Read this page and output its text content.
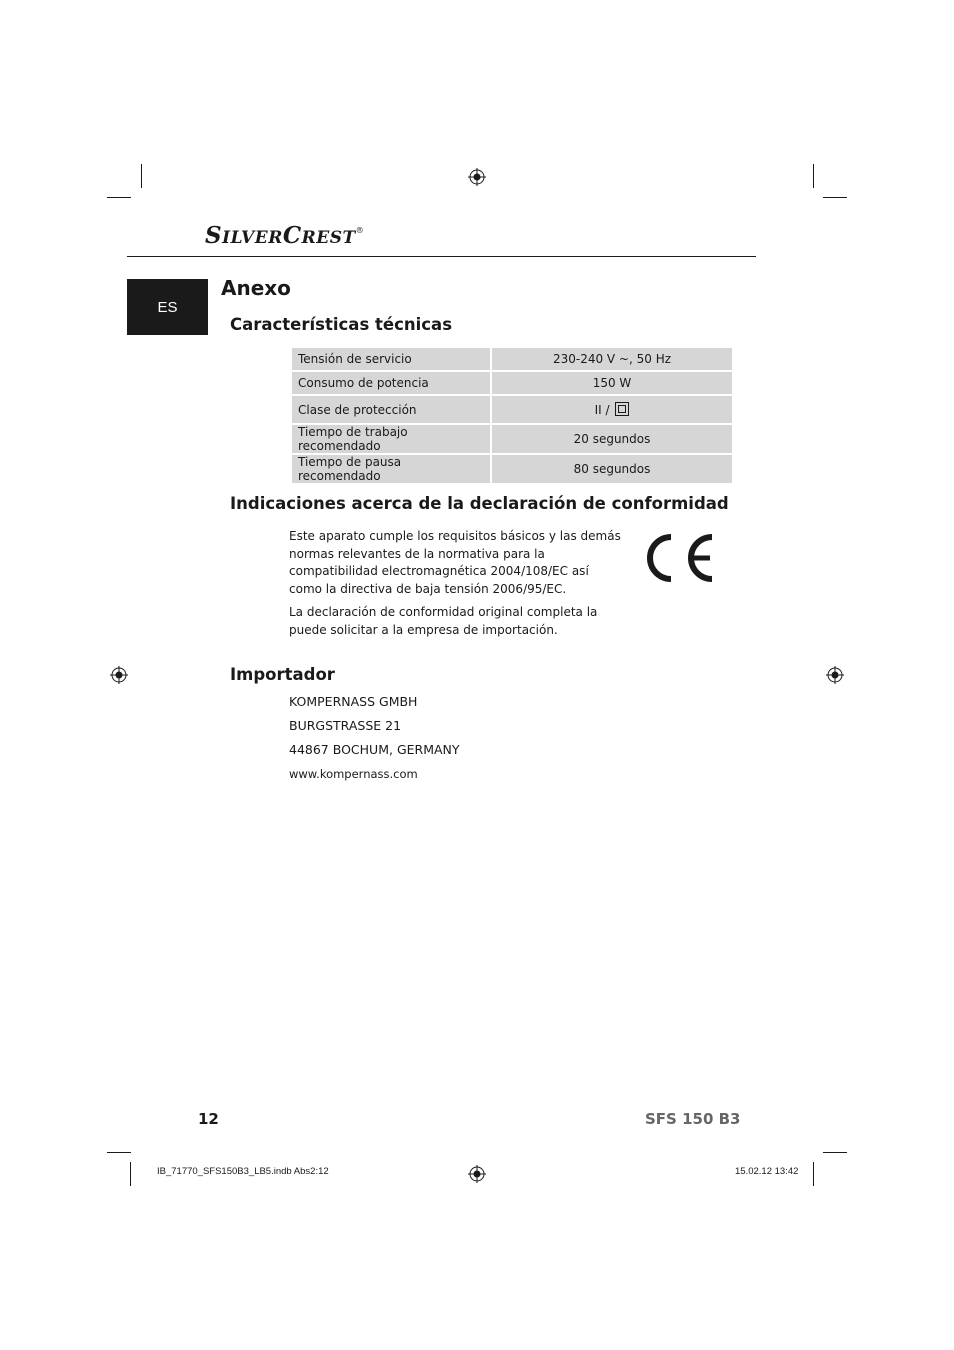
SILVERCREST®
ES
Anexo
Características técnicas
Tensión de servicio	230-240 V ~, 50 Hz
Consumo de potencia	150 W
Clase de protección	II /
Tiempo de trabajo recomendado	20 segundos
Tiempo de pausa recomendado	80 segundos
Indicaciones acerca de la declaración de conformidad
Este aparato cumple los requisitos básicos y las demás normas relevantes de la normativa para la compatibilidad electromagnética 2004/108/EC así como la directiva de baja tensión 2006/95/EC.
La declaración de conformidad original completa la puede solicitar a la empresa de importación.
Importador
KOMPERNASS GMBH
BURGSTRASSE 21
44867 BOCHUM, GERMANY
www.kompernass.com
12	SFS 150 B3
IB_71770_SFS150B3_LB5.indb Abs2:12	15.02.12 13:42
